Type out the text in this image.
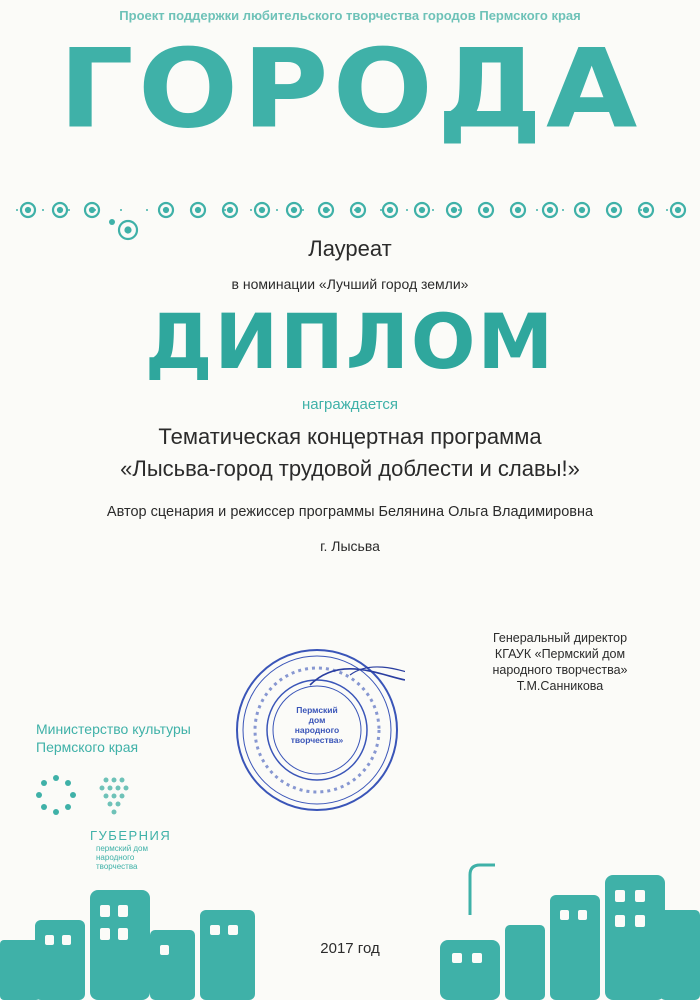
Проект поддержки любительского творчества городов Пермского края
ГОРОДА
Лауреат
в номинации «Лучший город земли»
ДИПЛОМ
награждается
Тематическая концертная программа
«Лысьва-город трудовой доблести и славы!»
Автор сценария и режиссер программы Белянина Ольга Владимировна
г. Лысьва
Генеральный директор
КГАУК «Пермский дом
народного творчества»
Т.М.Санникова
Пермский
дом
народного
творчества»
Министерство культуры
Пермского края
ГУБЕРНИЯ
пермский дом
народного
творчества
2017 год
